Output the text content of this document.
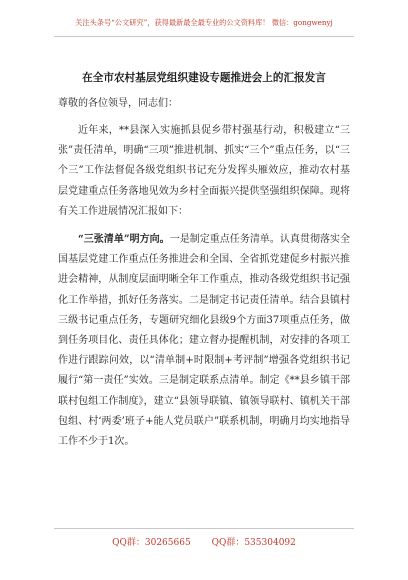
关注头条号“公文研究”，获得最新最全最专业的公文资料库！ 微信：gongwenyj
在全市农村基层党组织建设专题推进会上的汇报发言
尊敬的各位领导，同志们：

近年来，**县深入实施抓县促乡带村强基行动，积极建立“三张”责任清单，明确“三项”推进机制、抓实“三个”重点任务，以“三个三”工作法督促各级党组织书记充分发挥头雁效应，推动农村基层党建重点任务落地见效为乡村全面振兴提供坚强组织保障。现将有关工作进展情况汇报如下：

“三张清单”明方向。一是制定重点任务清单。认真贯彻落实全国基层党建工作重点任务推进会和全国、全省抓党建促乡村振兴推进会精神，从制度层面明晰全年工作重点，推动各级党组织书记强化工作举措，抓好任务落实。二是制定书记责任清单。结合县镇村三级书记重点任务，专题研究细化县级9个方面37项重点任务，做到任务项目化、责任具体化；建立督办提醒机制，对安排的各项工作进行跟踪问效，以“清单制+时限制+考评制”增强各党组织书记履行“第一责任”实效。三是制定联系点清单。制定《**县乡镇干部联村包组工作制度》，建立“县领导联镇、镇领导联村、镇机关干部包组、村‘两委’班子+能人党员联户”联系机制，明确月均实地指导工作不少于1次。

QQ群：30265665 QQ群：535304092
